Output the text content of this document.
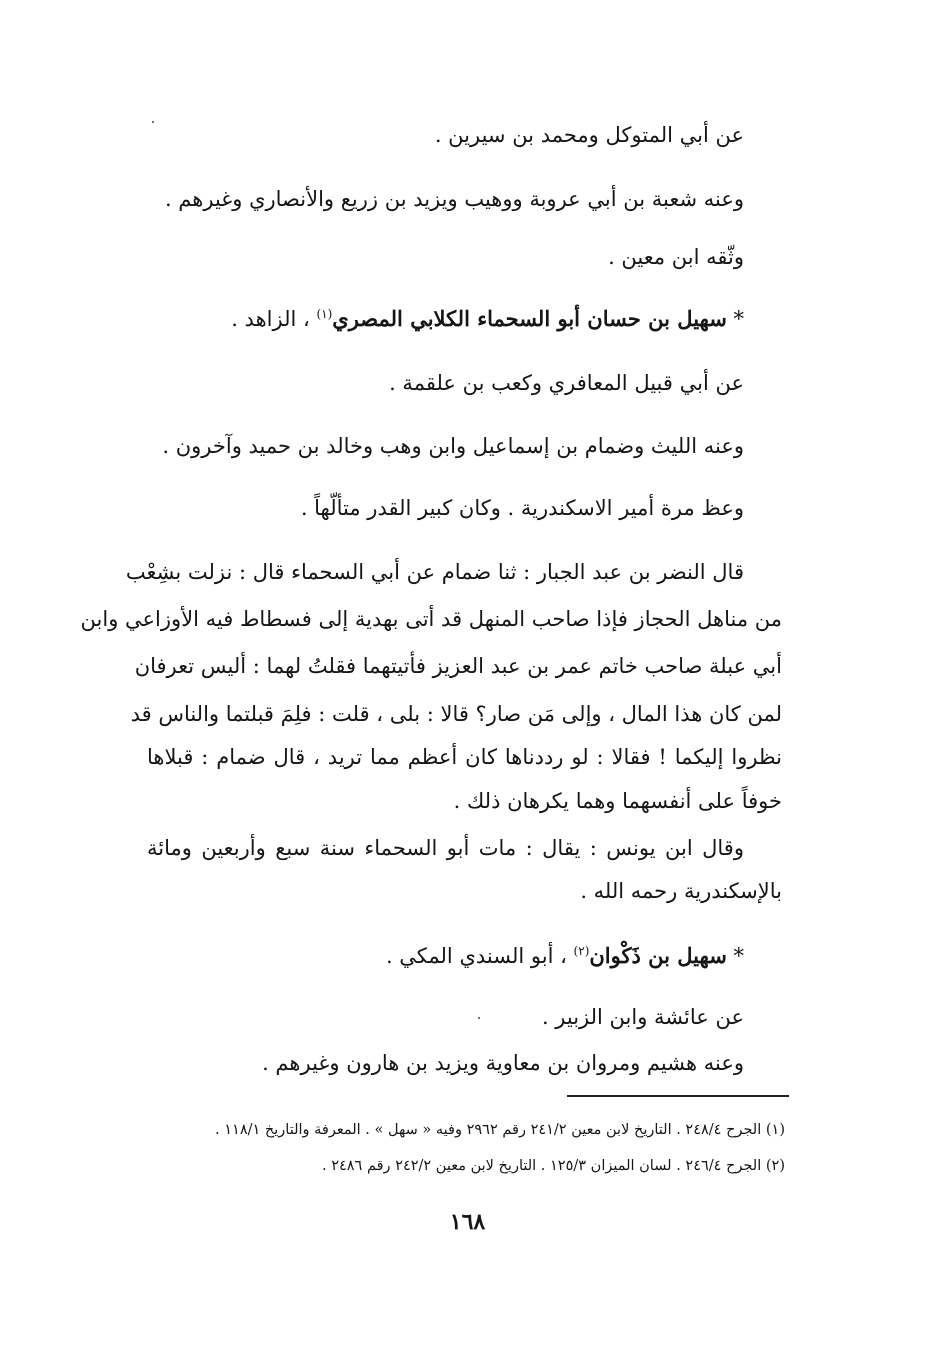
عن أبي المتوكل ومحمد بن سيرين .
وعنه شعبة بن أبي عروبة ووهيب ويزيد بن زريع والأنصاري وغيرهم .
وثّقه ابن معين .
* سهيل بن حسان أبو السحماء الكلابي المصري$^{(١)}$ ، الزاهد .
عن أبي قبيل المعافري وكعب بن علقمة .
وعنه الليث وضمام بن إسماعيل وابن وهب وخالد بن حميد وآخرون .
وعظ مرة أمير الاسكندرية . وكان كبير القدر متألّهاً .
قال النضر بن عبد الجبار : ثنا ضمام عن أبي السحماء قال : نزلت بشِعْب
من مناهل الحجاز فإذا صاحب المنهل قد أتى بهدية إلى فسطاط فيه الأوزاعي وابن
أبي عبلة صاحب خاتم عمر بن عبد العزيز فأتيتهما فقلتُ لهما : أليس تعرفان
لمن كان هذا المال ، وإلى مَن صار؟ قالا : بلى ، قلت : فلِمَ قبلتما والناس قد
نظروا إليكما ! فقالا : لو رددناها كان أعظم مما تريد ، قال ضمام : قبلاها
خوفاً على أنفسهما وهما يكرهان ذلك .
وقال ابن يونس : يقال : مات أبو السحماء سنة سبع وأربعين ومائة
بالإسكندرية رحمه الله .
* سهيل بن ذَكْوان$^{(٢)}$ ، أبو السندي المكي .
عن عائشة وابن الزبير .
وعنه هشيم ومروان بن معاوية ويزيد بن هارون وغيرهم .
(١) الجرح ٢٤٨/٤ . التاريخ لابن معين ٢٤١/٢ رقم ٢٩٦٢ وفيه « سهل » . المعرفة والتاريخ ١١٨/١ .
(٢) الجرح ٢٤٦/٤ . لسان الميزان ١٢٥/٣ . التاريخ لابن معين ٢٤٢/٢ رقم ٢٤٨٦ .
١٦٨
